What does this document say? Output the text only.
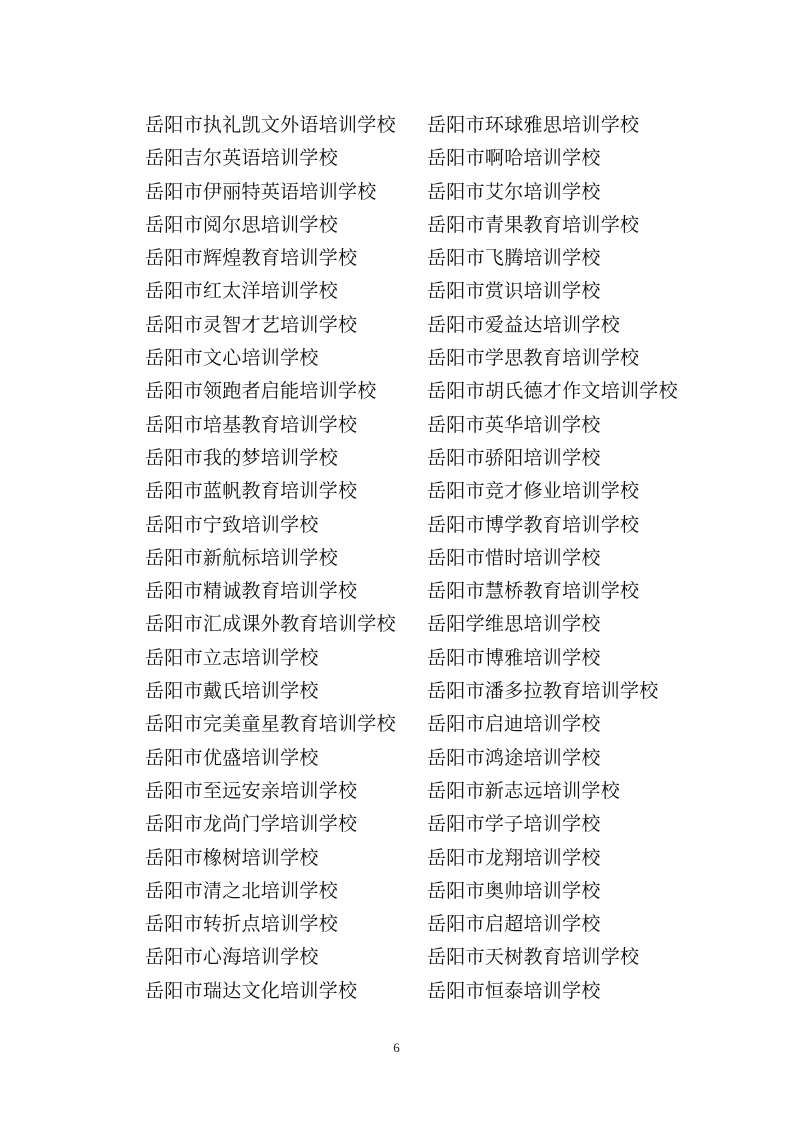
岳阳市执礼凯文外语培训学校
岳阳吉尔英语培训学校
岳阳市伊丽特英语培训学校
岳阳市阅尔思培训学校
岳阳市辉煌教育培训学校
岳阳市红太洋培训学校
岳阳市灵智才艺培训学校
岳阳市文心培训学校
岳阳市领跑者启能培训学校
岳阳市培基教育培训学校
岳阳市我的梦培训学校
岳阳市蓝帆教育培训学校
岳阳市宁致培训学校
岳阳市新航标培训学校
岳阳市精诚教育培训学校
岳阳市汇成课外教育培训学校
岳阳市立志培训学校
岳阳市戴氏培训学校
岳阳市完美童星教育培训学校
岳阳市优盛培训学校
岳阳市至远安亲培训学校
岳阳市龙尚门学培训学校
岳阳市橡树培训学校
岳阳市清之北培训学校
岳阳市转折点培训学校
岳阳市心海培训学校
岳阳市瑞达文化培训学校
岳阳市环球雅思培训学校
岳阳市啊哈培训学校
岳阳市艾尔培训学校
岳阳市青果教育培训学校
岳阳市飞腾培训学校
岳阳市赏识培训学校
岳阳市爱益达培训学校
岳阳市学思教育培训学校
岳阳市胡氏德才作文培训学校
岳阳市英华培训学校
岳阳市骄阳培训学校
岳阳市竞才修业培训学校
岳阳市博学教育培训学校
岳阳市惜时培训学校
岳阳市慧桥教育培训学校
岳阳学维思培训学校
岳阳市博雅培训学校
岳阳市潘多拉教育培训学校
岳阳市启迪培训学校
岳阳市鸿途培训学校
岳阳市新志远培训学校
岳阳市学子培训学校
岳阳市龙翔培训学校
岳阳市奥帅培训学校
岳阳市启超培训学校
岳阳市天树教育培训学校
岳阳市恒泰培训学校
6
